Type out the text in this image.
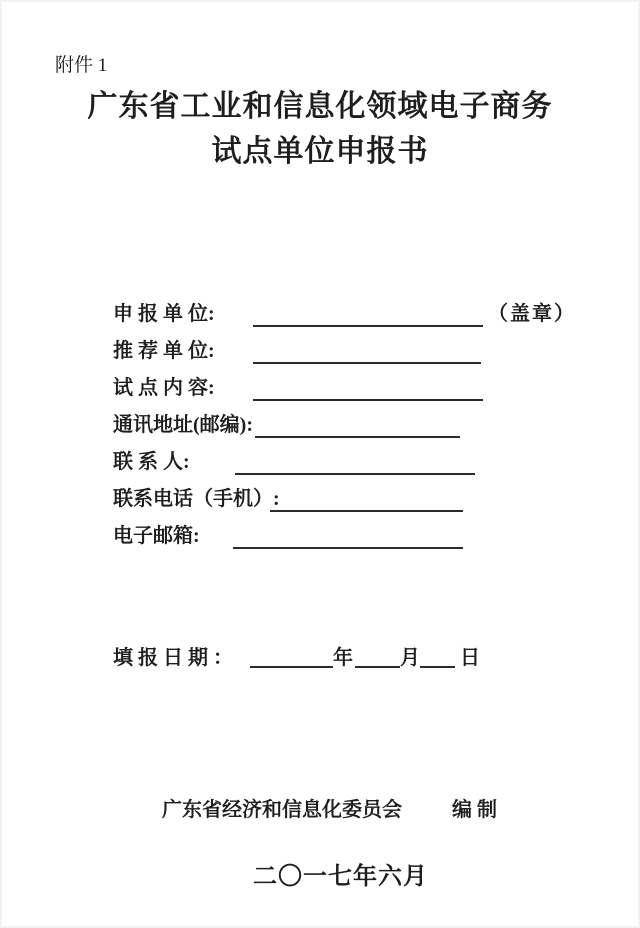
附件 1
广东省工业和信息化领域电子商务
试点单位申报书
申 报 单 位:	（盖章）
推 荐 单 位:
试 点 内 容:
通讯地址(邮编):
联 系 人:
联系电话（手机）:
电子邮箱:
填 报 日 期 ：	年 月 日

广东省经济和信息化委员会	编 制

二〇一七年六月
